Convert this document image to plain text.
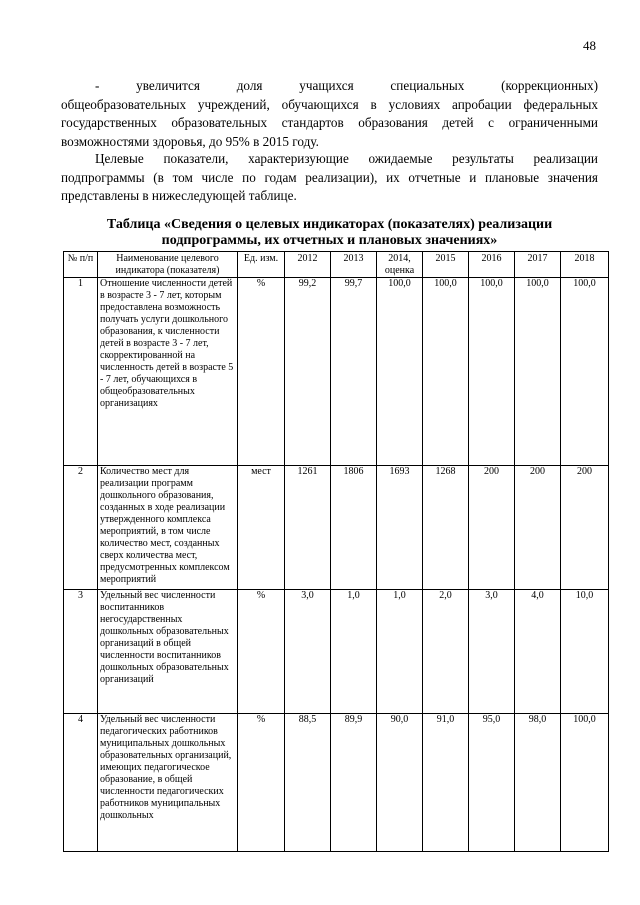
48
- увеличится доля учащихся специальных (коррекционных)
общеобразовательных учреждений, обучающихся в условиях апробации федеральных государственных образовательных стандартов образования детей с ограниченными возможностями здоровья, до 95% в 2015 году.
Целевые показатели, характеризующие ожидаемые результаты реализации подпрограммы (в том числе по годам реализации), их отчетные и плановые значения представлены в нижеследующей таблице.
Таблица «Сведения о целевых индикаторах (показателях) реализации подпрограммы, их отчетных и плановых значениях»
№ п/п	Наименование целевого индикатора (показателя)	Ед. изм.	2012	2013	2014, оценка	2015	2016	2017	2018
1	Отношение численности детей в возрасте 3 - 7 лет, которым предоставлена возможность получать услуги дошкольного образования, к численности детей в возрасте 3 - 7 лет, скорректированной на численность детей в возрасте 5 - 7 лет, обучающихся в общеобразовательных организациях	%	99,2	99,7	100,0	100,0	100,0	100,0	100,0
2	Количество мест для реализации программ дошкольного образования, созданных в ходе реализации утвержденного комплекса мероприятий, в том числе количество мест, созданных сверх количества мест, предусмотренных комплексом мероприятий	мест	1261	1806	1693	1268	200	200	200
3	Удельный вес численности воспитанников негосударственных дошкольных образовательных организаций в общей численности воспитанников дошкольных образовательных организаций	%	3,0	1,0	1,0	2,0	3,0	4,0	10,0
4	Удельный вес численности педагогических работников муниципальных дошкольных образовательных организаций, имеющих педагогическое образование, в общей численности педагогических работников муниципальных дошкольных	%	88,5	89,9	90,0	91,0	95,0	98,0	100,0
